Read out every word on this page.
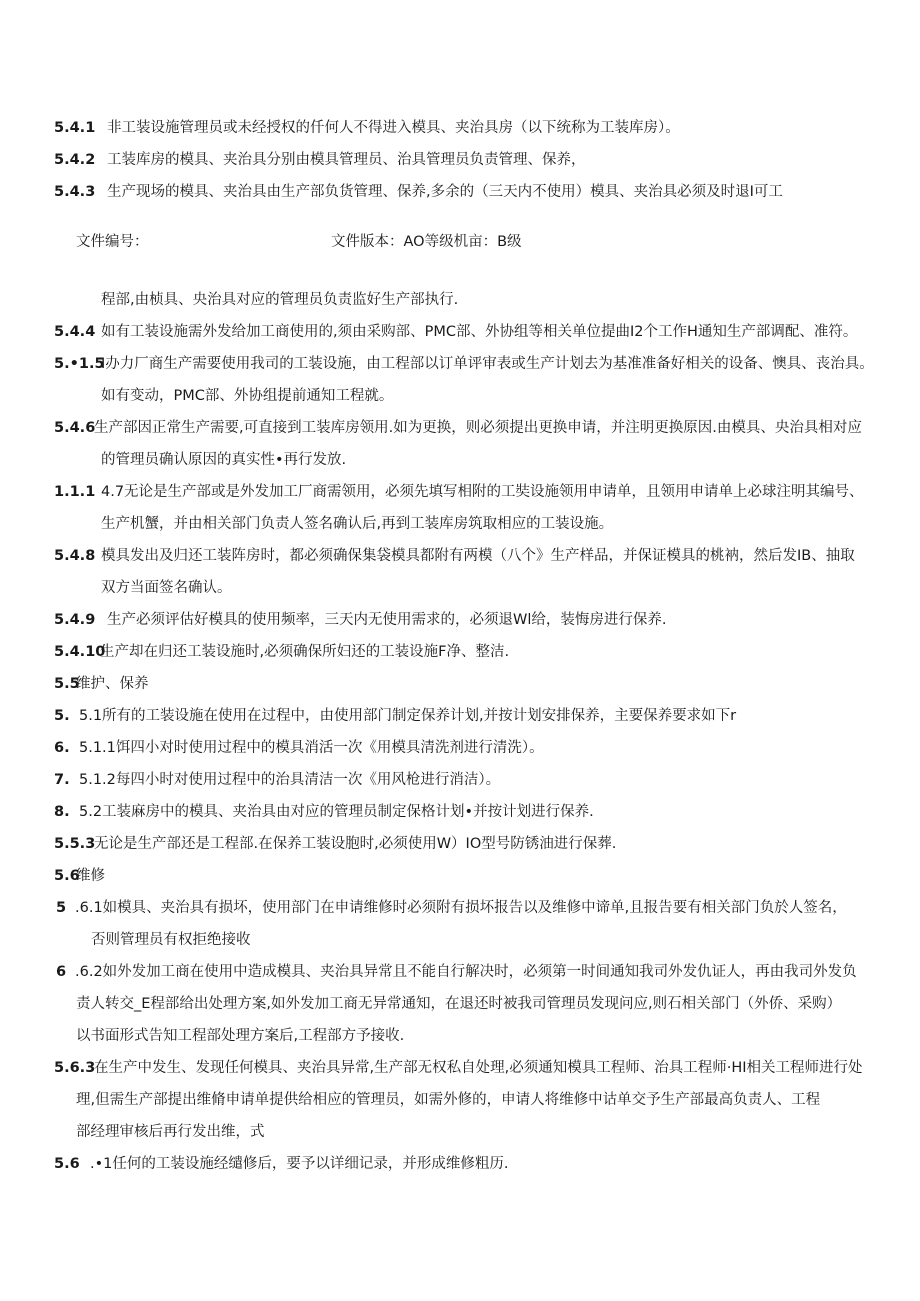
5.4.1 非工装设施管理员或未经授权的仟何人不得进入模具、夹治具房（以下统称为工装库房）。
5.4.2 工装库房的模具、夹治具分别由模具管理员、治具管理员负责管理、保养，
5.4.3 生产现场的模具、夹治具由生产部负货管理、保养,多余的（三天内不使用）模具、夹治具必须及时退I可工
文件编号：	文件版本：AO等级机亩：B级
程部,由桢具、央治具对应的管理员负责监好生产部执行.
5.4.4 如有工装设施需外发给加工商使用的,须由采购部、PMC部、外协组等相关单位提曲I2个工作H通知生产部调配、准符。
5.•1.5
I办力厂商生产需要使用我司的工装设施，由工程部以订单评审表或生产计划去为基准准备好相关的设备、懊具、丧治具。
如有变动，PMC部、外协组提前通知工程就。
5.4.6
生产部因正常生产需要,可直接到工装库房领用.如为更换，则必须提出更换申请，并注明更换原因.由模具、央治具相对应
的管理员确认原因的真实性•再行发放.
1.1.1 4.7无论是生产部或是外发加工厂商需领用，必须先填写相附的工奘设施领用申请单，且领用申请单上必球注明其编号、
生产机蟹，并由相关部门负责人签名确认后,再到工装库房筑取相应的工装设施。
5.4.8 模具发出及归还工装阵房时，都必须确保集袋模具都附有两模（八个》生产样品，并保证模具的桃衲，然后发IB、抽取
双方当面签名确认。
5.4.9 生产必须评估好模具的使用频率，三天内无使用需求的，必须退Wl给，装悔房进行保养.
5.4.10
生产却在归还工装设施时,必须确保所妇还的工装设施F净、整洁.
5.5
维护、保养
5. 5.1所有的工装设施在使用在过程中，由使用部门制定保养计划,并按计划安排保养，主要保养要求如下r
6. 5.1.1饵四小对时使用过程中的模具消活一次《用模具清洗剂进行清洗）。
7. 5.1.2每四小时对使用过程中的治具清洁一次《用风枪进行消洁）。
8. 5.2工装麻房中的模具、夹治具由对应的管理员制定保格计划•并按计划进行保养.
5.5.3
无论是生产部还是工程部.在保养工装设胞时,必须使用W）IO型号防锈油进行保葬.
5.6
维修
5 .6.1如模具、夹治具有损坏，使用部门在申请维修时必须附有损坏报告以及维修中谛单,且报告要有相关部门负於人签名，
否则管理员有权拒绝接收
6 .6.2如外发加工商在使用中造成模具、夹治具异常且不能自行解决时，必须第一时间通知我司外发仇证人，再由我司外发负
责人转交_E程部给出处理方案,如外发加工商无异常通知，在退还时被我司管理员发现问应,则石相关部门（外侨、采购）
以书面形式告知工程部处理方案后,工程部方予接收.
5.6.3
在生产中发生、发现任何模具、夹治具异常,生产部无权私自处理,必须通知模具工程师、治具工程师·HI相关工程师进行处
理,但需生产部提出维脩申请单提供给相应的管理员，如需外修的，申请人将维修中诂单交予生产部最高负责人、工程
部经理审核后再行发出维，式
5.6 .•1任何的工装设施经缱修后，要予以详细记录，并形成维修粗历.
